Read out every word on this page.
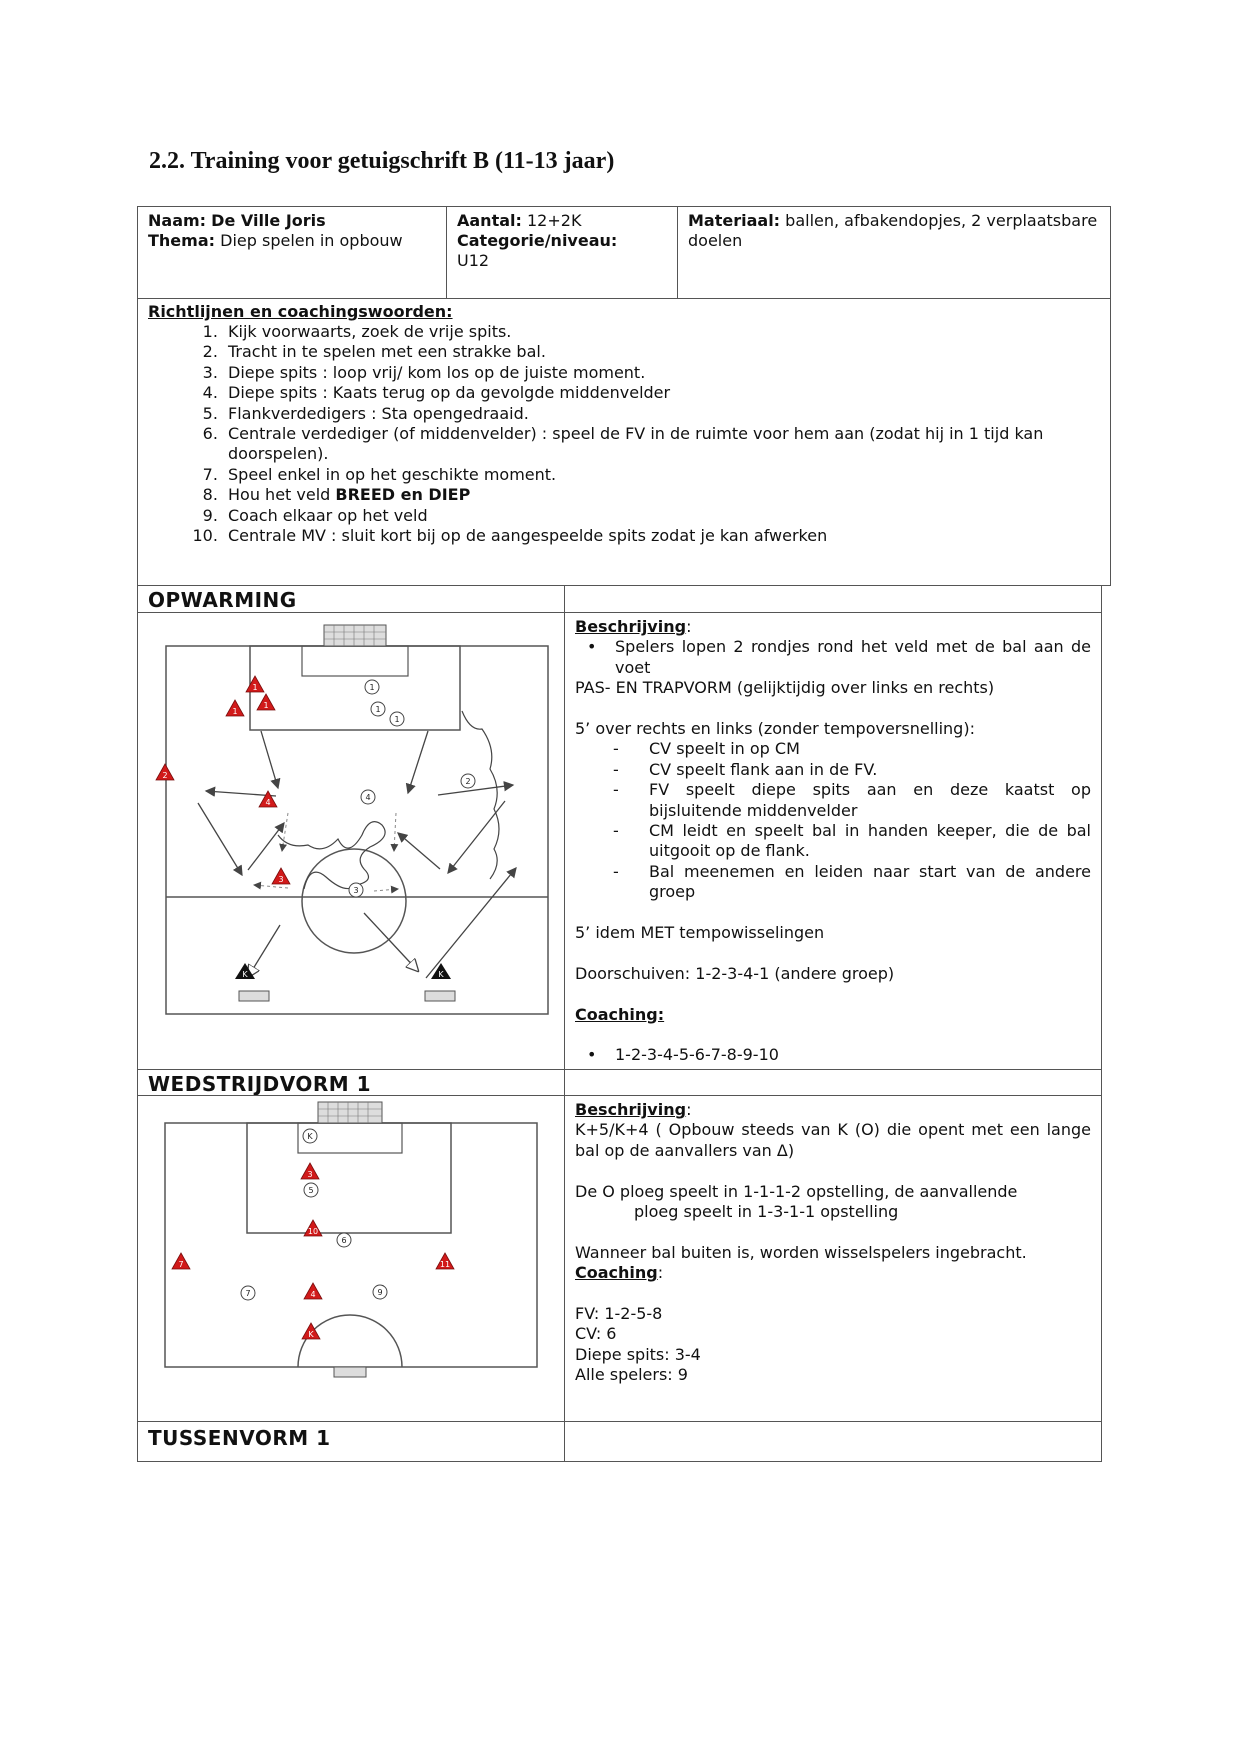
2.2. Training voor getuigschrift B (11-13 jaar)
Naam: De Ville Joris
Thema: Diep spelen in opbouw
Aantal: 12+2K
Categorie/niveau:
U12
Materiaal: ballen, afbakendopjes, 2 verplaatsbare doelen
Richtlijnen en coachingswoorden:
1. Kijk voorwaarts, zoek de vrije spits.
2. Tracht in te spelen met een strakke bal.
3. Diepe spits : loop vrij/ kom los op de juiste moment.
4. Diepe spits : Kaats terug op da gevolgde middenvelder
5. Flankverdedigers : Sta opengedraaid.
6. Centrale verdediger (of middenvelder) : speel de FV in de ruimte voor hem aan (zodat hij in 1 tijd kan doorspelen).
7. Speel enkel in op het geschikte moment.
8. Hou het veld BREED en DIEP
9. Coach elkaar op het veld
10. Centrale MV : sluit kort bij op de aangespeelde spits zodat je kan afwerken
OPWARMING
1
1
1
2
4
3
1
1
1
2
4
3
K	K

Beschrijving:

• Spelers lopen 2 rondjes rond het veld met de bal aan de voet

PAS- EN TRAPVORM (gelijktijdig over links en rechts)

5’ over rechts en links (zonder tempoversnelling):

- CV speelt in op CM
- CV speelt flank aan in de FV.
- FV speelt diepe spits aan en deze kaatst op bijsluitende middenvelder
- CM leidt en speelt bal in handen keeper, die de bal uitgooit op de flank.
- Bal meenemen en leiden naar start van de andere groep

5’ idem MET tempowisselingen

Doorschuiven: 1-2-3-4-1 (andere groep)

Coaching:

• 1-2-3-4-5-6-7-8-9-10
WEDSTRIJDVORM 1
3
10
7	11
4
K
K
5
6
7	9

Beschrijving:

K+5/K+4 ( Opbouw steeds van K (O) die opent met een lange bal op de aanvallers van Δ)

De O ploeg speelt in 1-1-1-2 opstelling, de aanvallende

ploeg speelt in 1-3-1-1 opstelling

Wanneer bal buiten is, worden wisselspelers ingebracht.

Coaching:

FV: 1-2-5-8

CV: 6

Diepe spits: 3-4

Alle spelers: 9

TUSSENVORM 1
